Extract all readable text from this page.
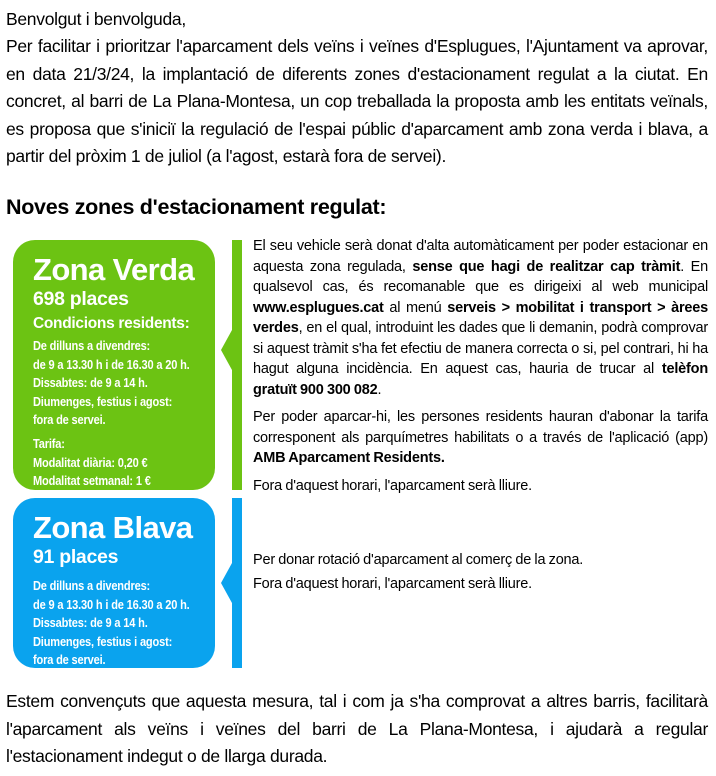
Benvolgut i benvolguda,

Per facilitar i prioritzar l'aparcament dels veïns i veïnes d'Esplugues, l'Ajuntament va aprovar, en data 21/3/24, la implantació de diferents zones d'estacionament regulat a la ciutat. En concret, al barri de La Plana-Montesa, un cop treballada la proposta amb les entitats veïnals, es proposa que s'iniciï la regulació de l'espai públic d'aparcament amb zona verda i blava, a partir del pròxim 1 de juliol (a l'agost, estarà fora de servei).

Noves zones d'estacionament regulat:
Zona Verda
698 places
Condicions residents:
De dilluns a divendres:
de 9 a 13.30 h i de 16.30 a 20 h.
Dissabtes: de 9 a 14 h.
Diumenges, festius i agost:
fora de servei.
Tarifa:
Modalitat diària: 0,20 €
Modalitat setmanal: 1 €

El seu vehicle serà donat d'alta automàticament per poder estacionar en aquesta zona regulada, sense que hagi de realitzar cap tràmit. En qualsevol cas, és recomanable que es dirigeixi al web municipal www.esplugues.cat al menú serveis > mobilitat i transport > àrees verdes, en el qual, introduint les dades que li demanin, podrà comprovar si aquest tràmit s'ha fet efectiu de manera correcta o si, pel contrari, hi ha hagut alguna incidència. En aquest cas, hauria de trucar al telèfon gratuït 900 300 082.

Per poder aparcar-hi, les persones residents hauran d'abonar la tarifa corresponent als parquímetres habilitats o a través de l'aplicació (app) AMB Aparcament Residents.

Fora d'aquest horari, l'aparcament serà lliure.

Zona Blava
91 places
De dilluns a divendres:
de 9 a 13.30 h i de 16.30 a 20 h.
Dissabtes: de 9 a 14 h.
Diumenges, festius i agost:
fora de servei.

Per donar rotació d'aparcament al comerç de la zona.

Fora d'aquest horari, l'aparcament serà lliure.

Estem convençuts que aquesta mesura, tal i com ja s'ha comprovat a altres barris, facilitarà l'aparcament als veïns i veïnes del barri de La Plana-Montesa, i ajudarà a regular l'estacionament indegut o de llarga durada.
